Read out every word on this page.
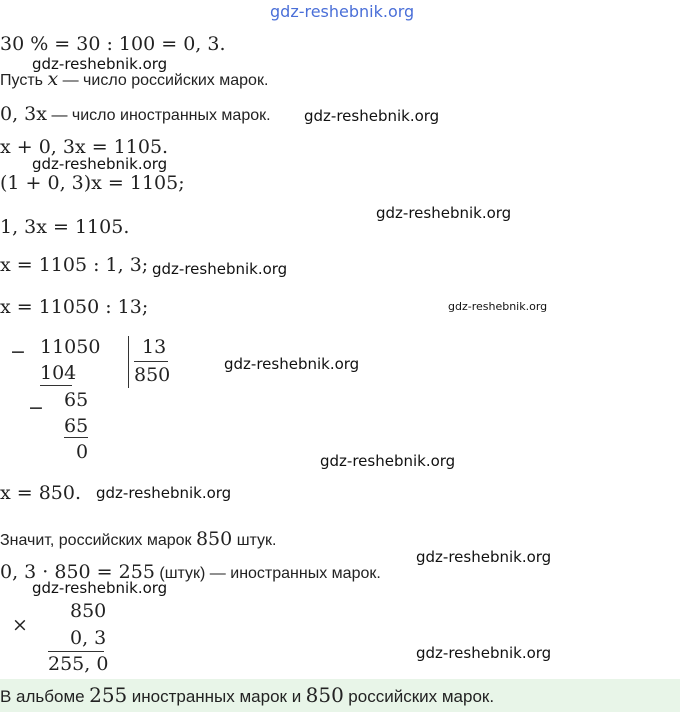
gdz-reshebnik.org
30 % = 30 : 100 = 0, 3.
Пусть x — число российских марок.
gdz-reshebnik.org
0, 3x — число иностранных марок. gdz-reshebnik.org
x + 0, 3x = 1105.
gdz-reshebnik.org
(1 + 0, 3)x = 1105;
gdz-reshebnik.org
1, 3x = 1105.
x = 1105 : 1, 3; gdz-reshebnik.org
x = 11050 : 13;	gdz-reshebnik.org
− 11050
104
13
850
− 65
65
0
gdz-reshebnik.org
gdz-reshebnik.org
x = 850. gdz-reshebnik.org
Значит, российских марок 850 штук.
gdz-reshebnik.org
0, 3 · 850 = 255 (штук) — иностранных марок.
gdz-reshebnik.org
×
850
0, 3
255, 0	gdz-reshebnik.org
В альбоме 255 иностранных марок и 850 российских марок.
